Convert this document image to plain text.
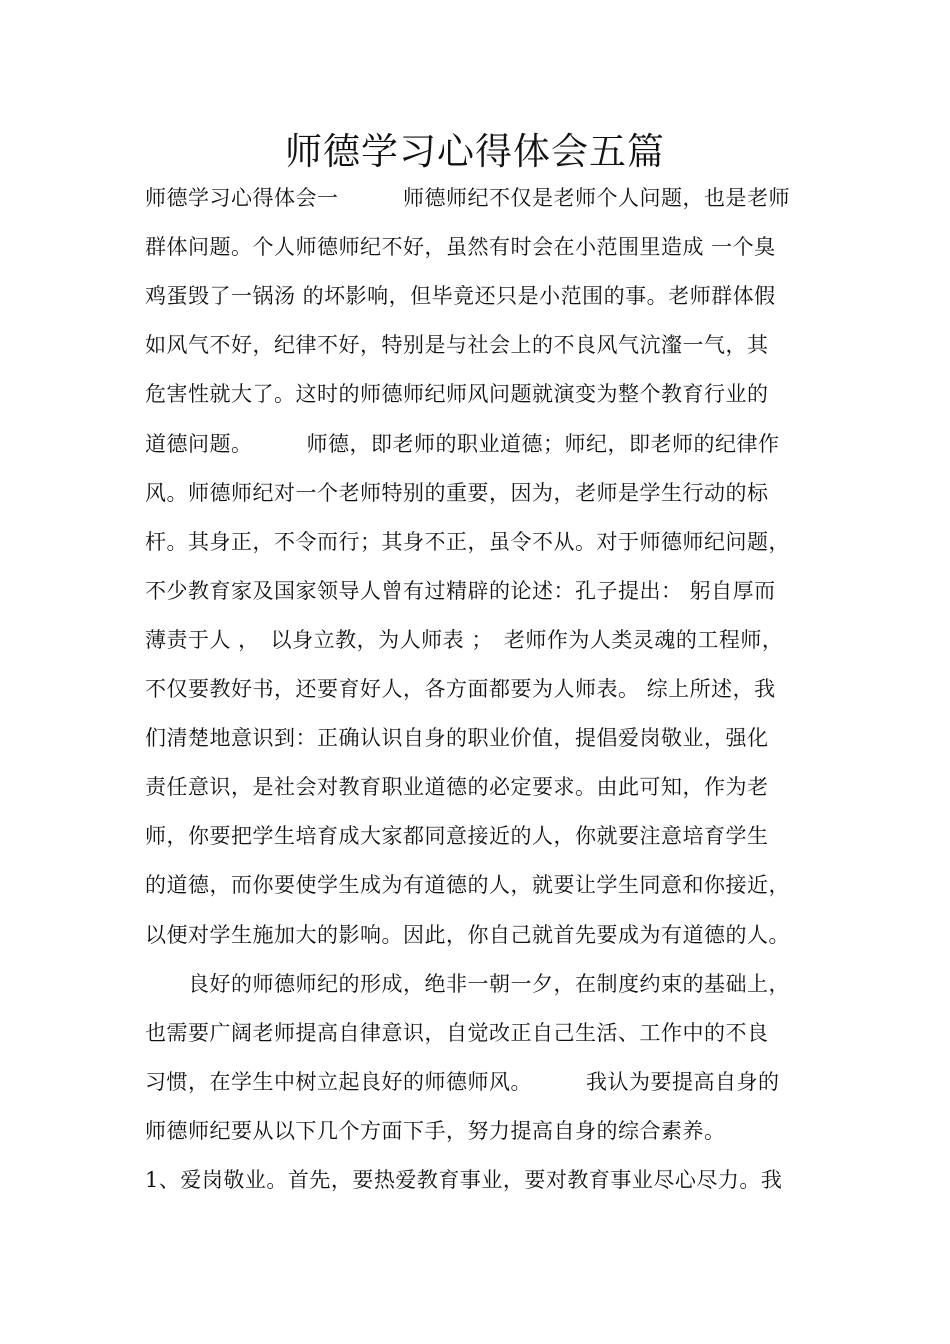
师德学习心得体会五篇
师德学习心得体会一　　　师德师纪不仅是老师个人问题，也是老师
群体问题。个人师德师纪不好，虽然有时会在小范围里造成 一个臭
鸡蛋毁了一锅汤 的坏影响，但毕竟还只是小范围的事。老师群体假
如风气不好，纪律不好，特别是与社会上的不良风气沆瀣一气，其
危害性就大了。这时的师德师纪师风问题就演变为整个教育行业的
道德问题。　　　师德，即老师的职业道德；师纪，即老师的纪律作
风。师德师纪对一个老师特别的重要，因为，老师是学生行动的标
杆。其身正，不令而行；其身不正，虽令不从。对于师德师纪问题，
不少教育家及国家领导人曾有过精辟的论述：孔子提出： 躬自厚而
薄责于人 ，　以身立教，为人师表 ；　老师作为人类灵魂的工程师，
不仅要教好书，还要育好人，各方面都要为人师表。 综上所述，我
们清楚地意识到：正确认识自身的职业价值，提倡爱岗敬业，强化
责任意识，是社会对教育职业道德的必定要求。由此可知，作为老
师，你要把学生培育成大家都同意接近的人，你就要注意培育学生
的道德，而你要使学生成为有道德的人，就要让学生同意和你接近，
以便对学生施加大的影响。因此，你自己就首先要成为有道德的人。
　　良好的师德师纪的形成，绝非一朝一夕，在制度约束的基础上，
也需要广阔老师提高自律意识，自觉改正自己生活、工作中的不良
习惯，在学生中树立起良好的师德师风。　　　我认为要提高自身的
师德师纪要从以下几个方面下手，努力提高自身的综合素养。
1、爱岗敬业。首先，要热爱教育事业，要对教育事业尽心尽力。我
